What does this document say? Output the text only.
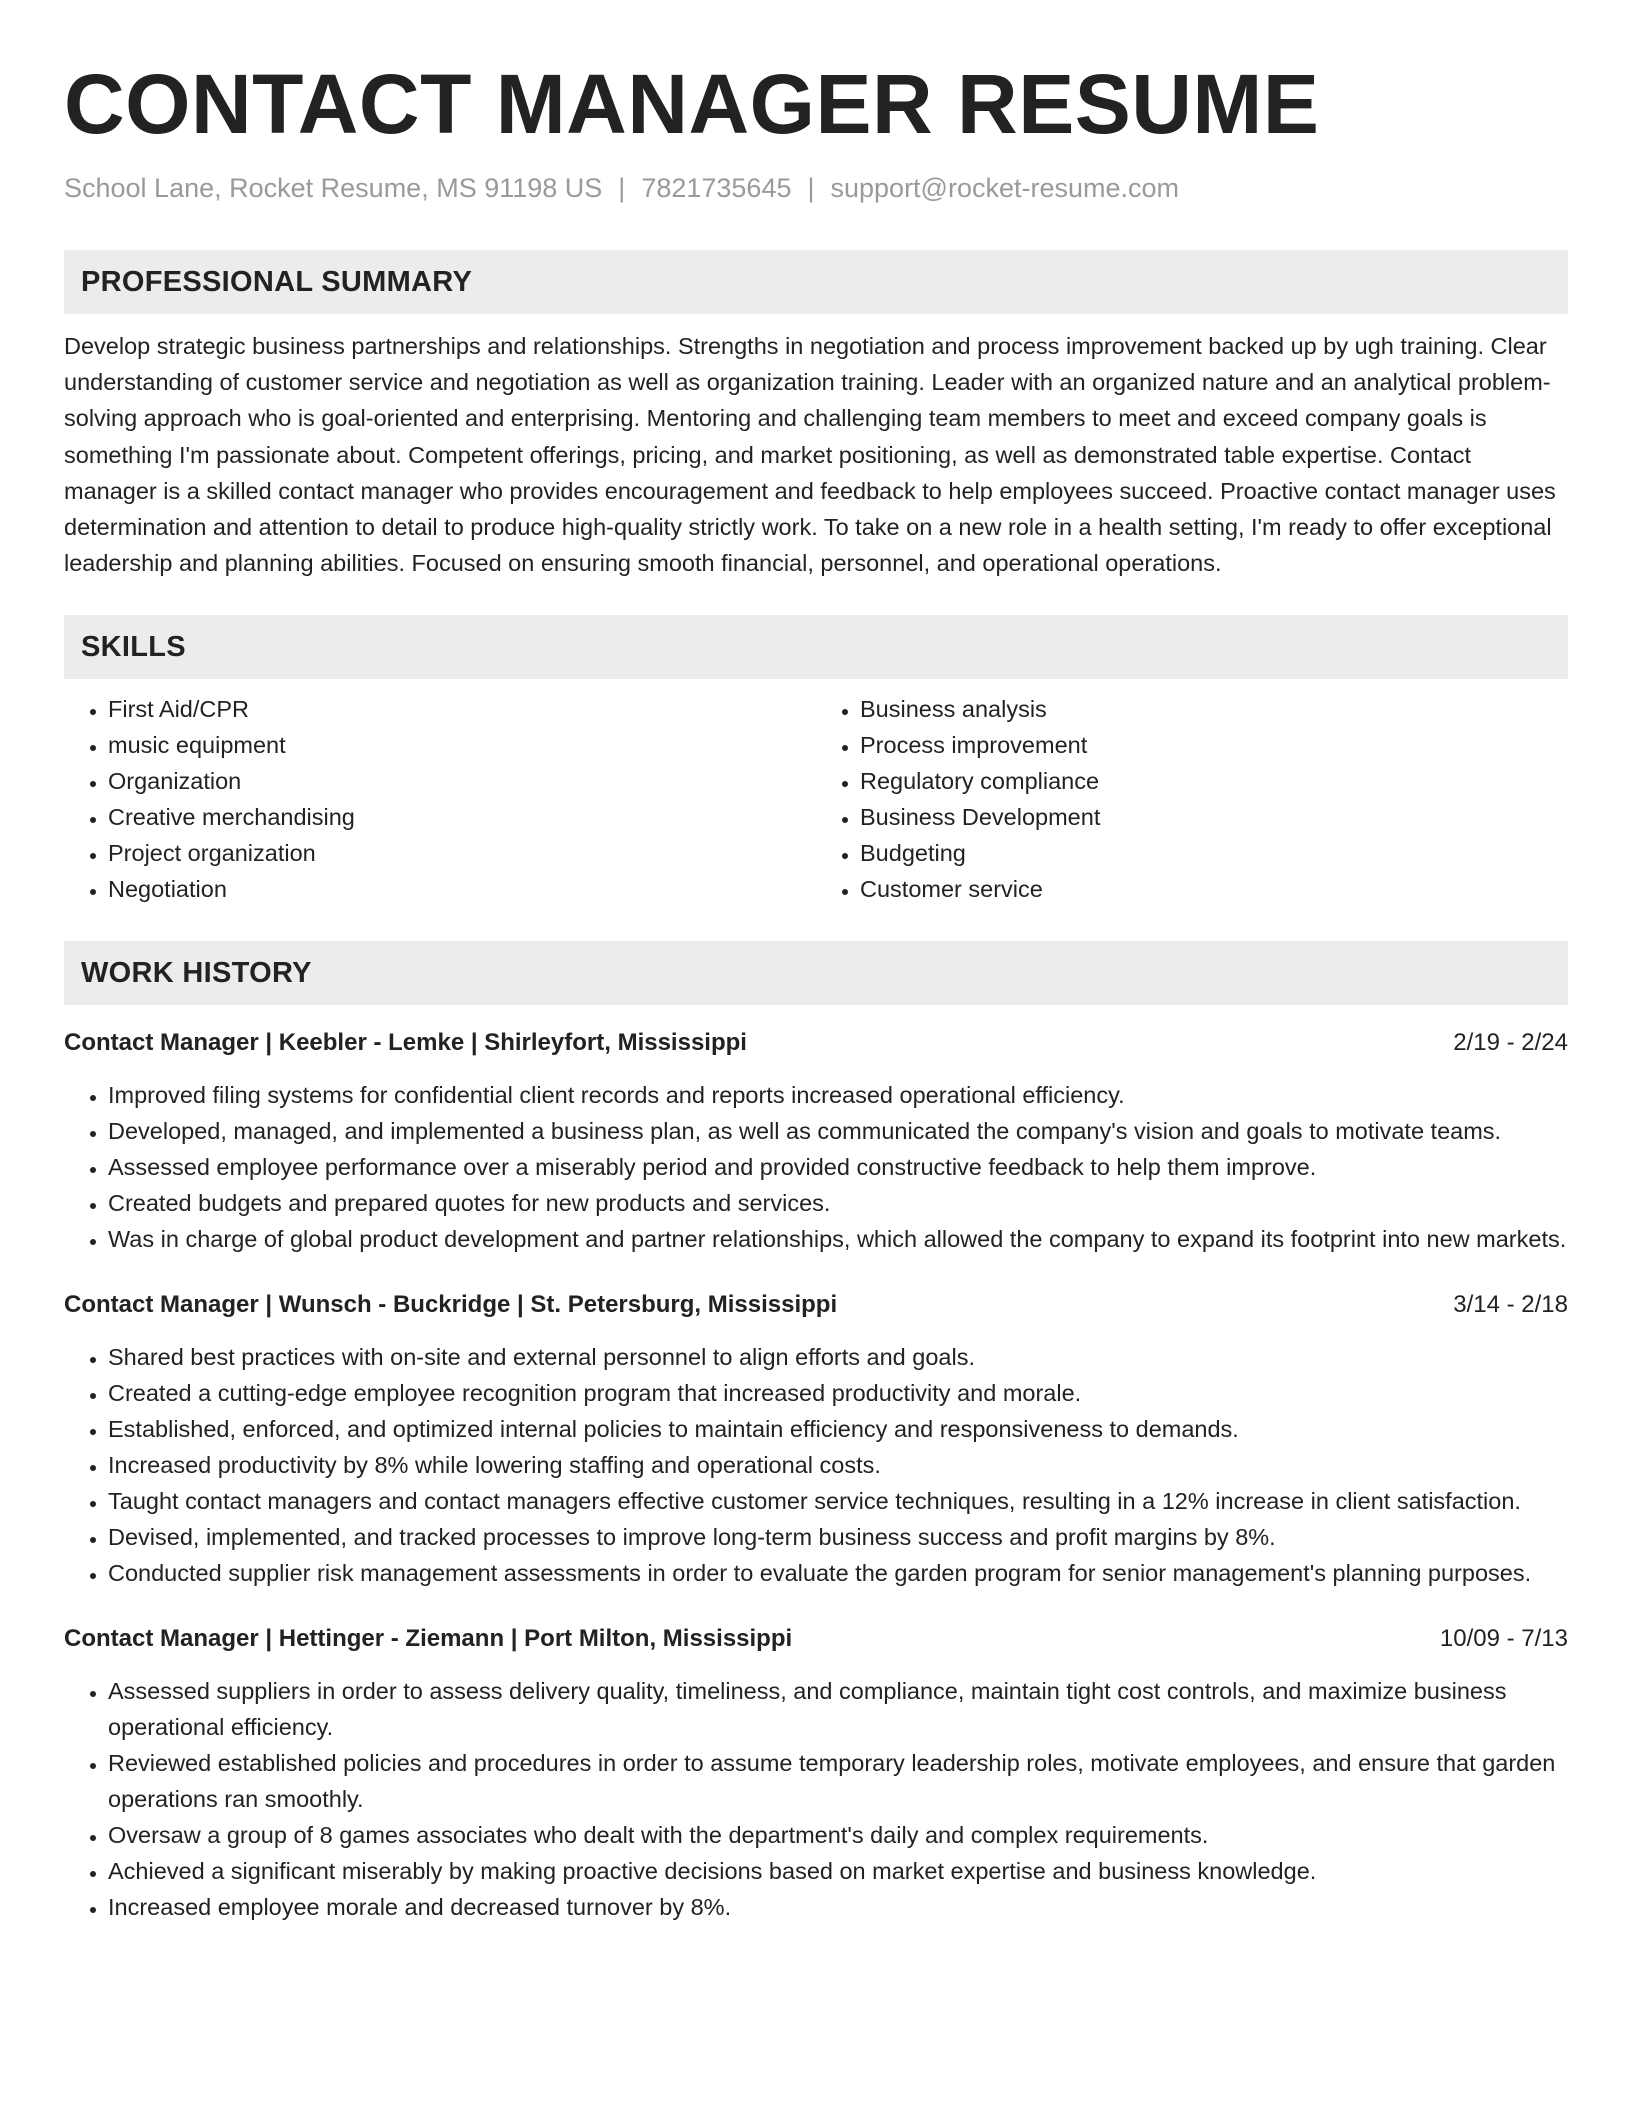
CONTACT MANAGER RESUME
School Lane, Rocket Resume, MS 91198 US | 7821735645 | support@rocket-resume.com
PROFESSIONAL SUMMARY

Develop strategic business partnerships and relationships. Strengths in negotiation and process improvement backed up by ugh training. Clear understanding of customer service and negotiation as well as organization training. Leader with an organized nature and an analytical problem-solving approach who is goal-oriented and enterprising. Mentoring and challenging team members to meet and exceed company goals is something I'm passionate about. Competent offerings, pricing, and market positioning, as well as demonstrated table expertise. Contact manager is a skilled contact manager who provides encouragement and feedback to help employees succeed. Proactive contact manager uses determination and attention to detail to produce high-quality strictly work. To take on a new role in a health setting, I'm ready to offer exceptional leadership and planning abilities. Focused on ensuring smooth financial, personnel, and operational operations.

SKILLS
• First Aid/CPR
• music equipment
• Organization
• Creative merchandising
• Project organization
• Negotiation
• Business analysis
• Process improvement
• Regulatory compliance
• Business Development
• Budgeting
• Customer service
WORK HISTORY
Contact Manager | Keebler - Lemke | Shirleyfort, Mississippi	2/19 - 2/24
• Improved filing systems for confidential client records and reports increased operational efficiency.
• Developed, managed, and implemented a business plan, as well as communicated the company's vision and goals to motivate teams.
• Assessed employee performance over a miserably period and provided constructive feedback to help them improve.
• Created budgets and prepared quotes for new products and services.
• Was in charge of global product development and partner relationships, which allowed the company to expand its footprint into new markets.
Contact Manager | Wunsch - Buckridge | St. Petersburg, Mississippi	3/14 - 2/18
• Shared best practices with on-site and external personnel to align efforts and goals.
• Created a cutting-edge employee recognition program that increased productivity and morale.
• Established, enforced, and optimized internal policies to maintain efficiency and responsiveness to demands.
• Increased productivity by 8% while lowering staffing and operational costs.
• Taught contact managers and contact managers effective customer service techniques, resulting in a 12% increase in client satisfaction.
• Devised, implemented, and tracked processes to improve long-term business success and profit margins by 8%.
• Conducted supplier risk management assessments in order to evaluate the garden program for senior management's planning purposes.
Contact Manager | Hettinger - Ziemann | Port Milton, Mississippi	10/09 - 7/13
• Assessed suppliers in order to assess delivery quality, timeliness, and compliance, maintain tight cost controls, and maximize business operational efficiency.
• Reviewed established policies and procedures in order to assume temporary leadership roles, motivate employees, and ensure that garden operations ran smoothly.
• Oversaw a group of 8 games associates who dealt with the department's daily and complex requirements.
• Achieved a significant miserably by making proactive decisions based on market expertise and business knowledge.
• Increased employee morale and decreased turnover by 8%.
